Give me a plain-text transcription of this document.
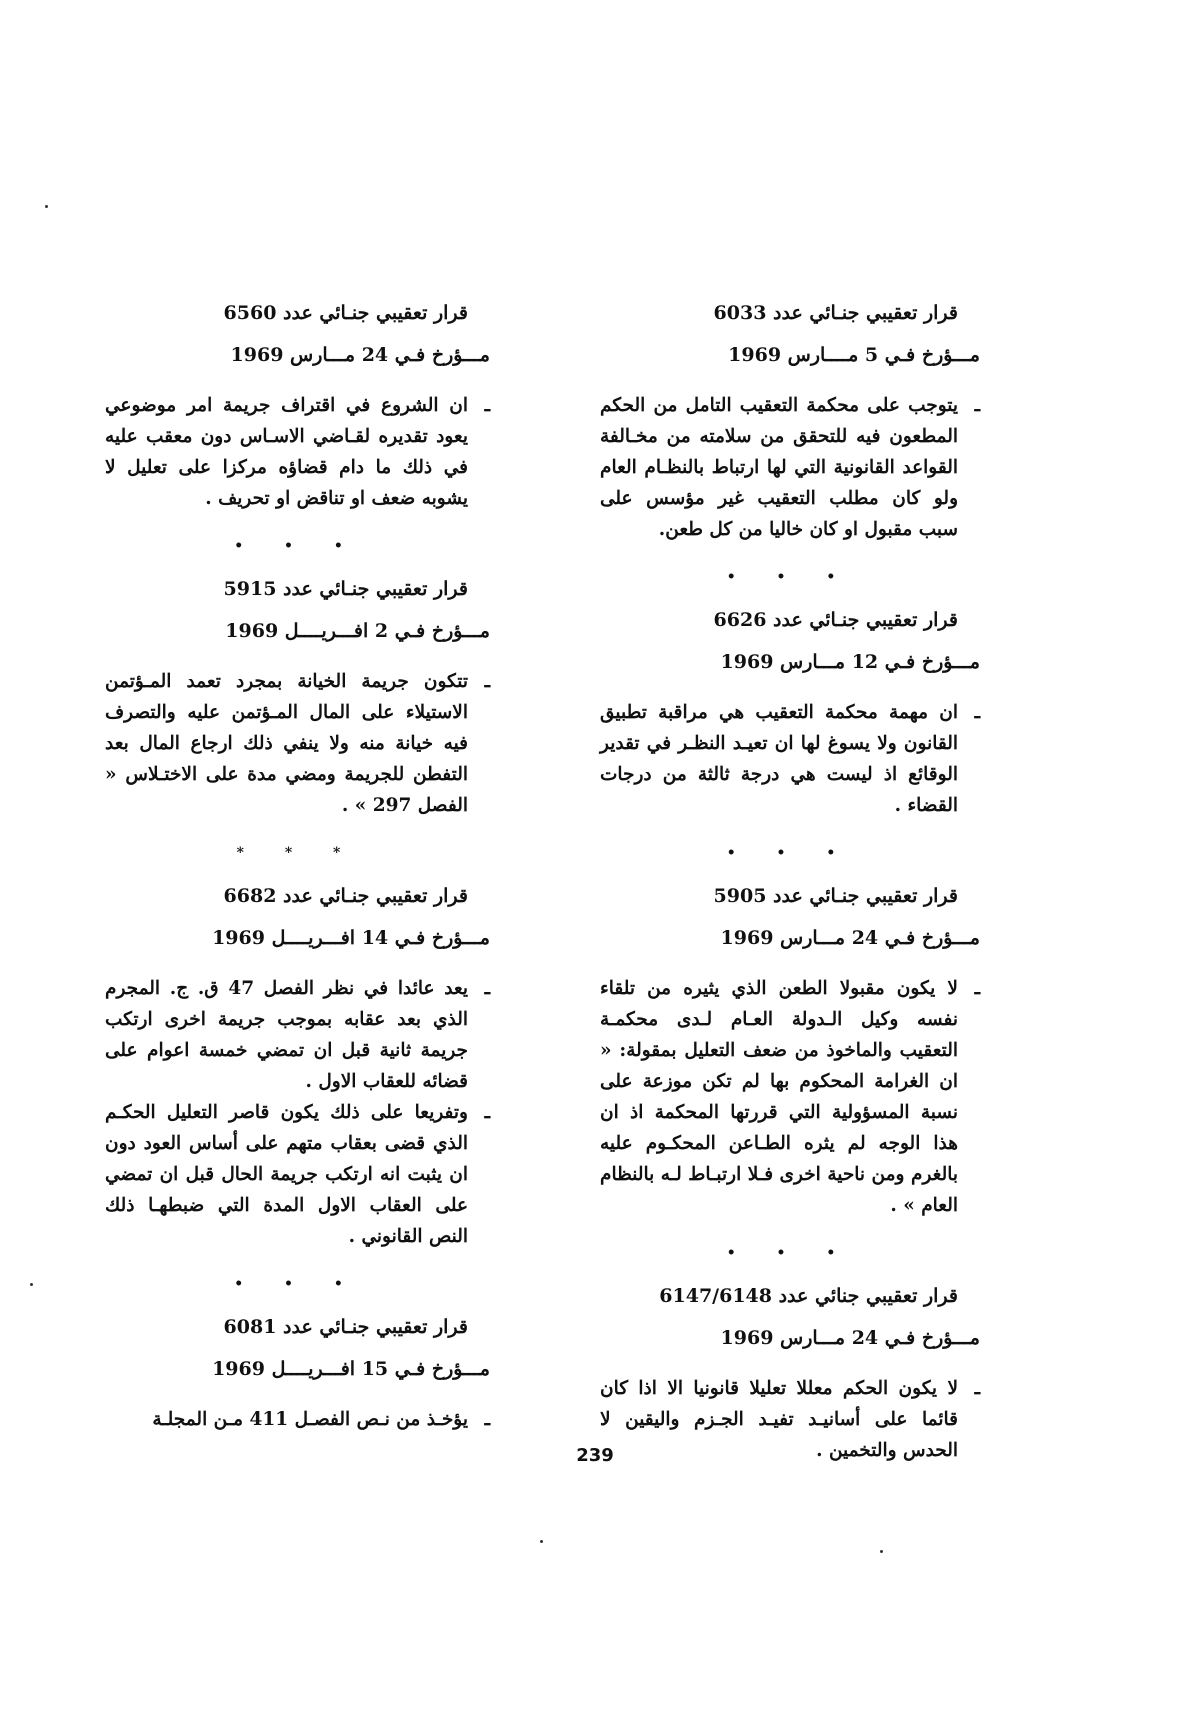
قرار تعقيبي جنـائي عدد 6033
مـــؤرخ فـي 5 مــــارس 1969

ـ
يتوجب على محكمة التعقيب التامل من الحكم المطعون فيه للتحقق من سلامته من مخـالفة القواعد القانونية التي لها ارتباط بالنظـام العام ولو كان مطلب التعقيب غير مؤسس على سبب مقبول او كان خاليا من كل طعن.

• • •
قرار تعقيبي جنـائي عدد 6626
مـــؤرخ فـي 12 مـــارس 1969

ـ
ان مهمة محكمة التعقيب هي مراقبة تطبيق القانون ولا يسوغ لها ان تعيـد النظـر في تقدير الوقائع اذ ليست هي درجة ثالثة من درجات القضاء .

• • •
قرار تعقيبي جنـائي عدد 5905
مـــؤرخ فـي 24 مـــارس 1969

ـ
لا يكون مقبولا الطعن الذي يثيره من تلقاء نفسه وكيل الـدولة العـام لـدى محكمـة التعقيب والماخوذ من ضعف التعليل بمقولة: « ان الغرامة المحكوم بها لم تكن موزعة على نسبة المسؤولية التي قررتها المحكمة اذ ان هذا الوجه لم يثره الطـاعن المحكـوم عليه بالغرم ومن ناحية اخرى فـلا ارتبـاط لـه بالنظام العام » .

• • •
قرار تعقيبي جنائي عدد 6147/6148
مـــؤرخ فـي 24 مـــارس 1969

ـ
لا يكون الحكم معللا تعليلا قانونيا الا اذا كان قائما على أسانيـد تفيـد الجـزم واليقين لا الحدس والتخمين .

قرار تعقيبي جنـائي عدد 6560
مـــؤرخ فـي 24 مـــارس 1969

ـ
ان الشروع في اقتراف جريمة امر موضوعي يعود تقديره لقـاضي الاسـاس دون معقب عليه في ذلك ما دام قضاؤه مركزا على تعليل لا يشوبه ضعف او تناقض او تحريف .

• • •
قرار تعقيبي جنـائي عدد 5915
مـــؤرخ فـي 2 افـــريــــل 1969

ـ
تتكون جريمة الخيانة بمجرد تعمد المـؤتمن الاستيلاء على المال المـؤتمن عليه والتصرف فيه خيانة منه ولا ينفي ذلك ارجاع المال بعد التفطن للجريمة ومضي مدة على الاختـلاس « الفصل 297 » .

* * *
قرار تعقيبي جنـائي عدد 6682
مـــؤرخ فـي 14 افـــريــــل 1969

ـ
يعد عائدا في نظر الفصل 47 ق. ج. المجرم الذي بعد عقابه بموجب جريمة اخرى ارتكب جريمة ثانية قبل ان تمضي خمسة اعوام على قضائه للعقاب الاول .

ـ
وتفريعا على ذلك يكون قاصر التعليل الحكـم الذي قضى بعقاب متهم على أساس العود دون ان يثبت انه ارتكب جريمة الحال قبل ان تمضي على العقاب الاول المدة التي ضبطهـا ذلك النص القانوني .

• • •
قرار تعقيبي جنـائي عدد 6081
مـــؤرخ فـي 15 افـــريــــل 1969

ـ
يؤخـذ من نـص الفصـل 411 مـن المجلـة

239
